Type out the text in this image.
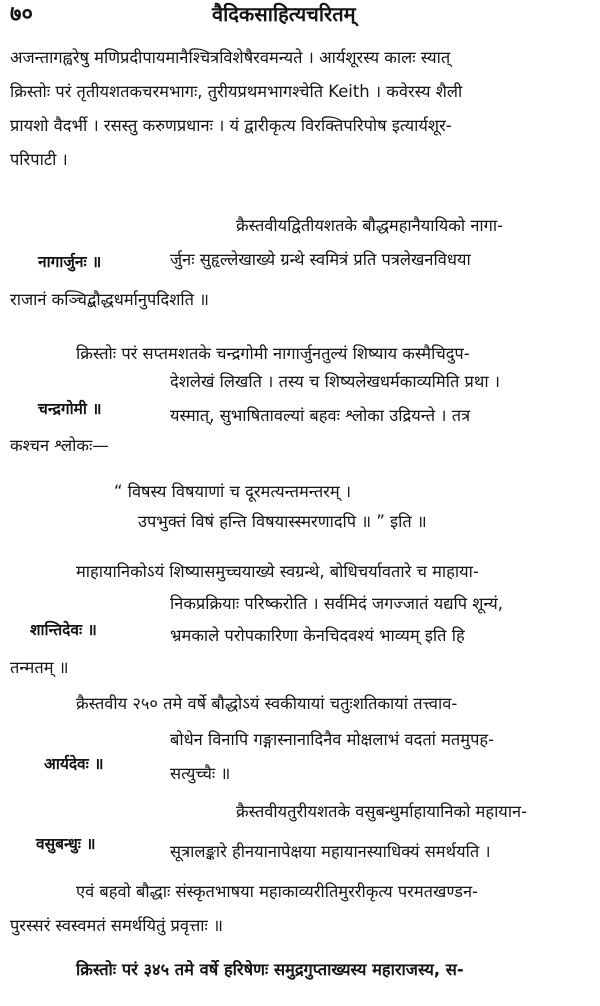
७०	वैदिकसाहित्यचरितम्
अजन्तागह्वरेषु मणिप्रदीपायमानैश्चित्रविशेषैरवमन्यते । आर्यशूरस्य कालः स्यात्
क्रिस्तोः परं तृतीयशतकचरमभागः, तुरीयप्रथमभागश्चेति Keith । कवेरस्य शैली
प्रायशो वैदर्भी । रसस्तु करुणप्रधानः । यं द्वारीकृत्य विरक्तिपरिपोष इत्यार्यशूर-
परिपाटी ।
क्रैस्तवीयद्वितीयशतके बौद्धमहानैयायिको नागा-
नागार्जुनः ॥	र्जुनः सुहृल्लेखाख्ये ग्रन्थे स्वमित्रं प्रति पत्रलेखनविधया
राजानं कञ्चिद्बौद्धधर्मानुपदिशति ॥
क्रिस्तोः परं सप्तमशतके चन्द्रगोमी नागार्जुनतुल्यं शिष्याय कस्मैचिदुप-
देशलेखं लिखति । तस्य च शिष्यलेखधर्मकाव्यमिति प्रथा ।
चन्द्रगोमी ॥	यस्मात्, सुभाषितावल्यां बहवः श्लोका उद्रियन्ते । तत्र
कश्चन श्लोकः—
“ विषस्य विषयाणां च दूरमत्यन्तमन्तरम् ।
उपभुक्तं विषं हन्ति विषयास्स्मरणादपि ॥ ” इति ॥
माहायानिकोऽयं शिष्यासमुच्चयाख्ये स्वग्रन्थे, बोधिचर्यावतारे च माहाया-
निकप्रक्रियाः परिष्करोति । सर्वमिदं जगज्जातं यद्यपि शून्यं,
शान्तिदेवः ॥	भ्रमकाले परोपकारिणा केनचिदवश्यं भाव्यम् इति हि
तन्मतम् ॥
क्रैस्तवीय २५० तमे वर्षे बौद्धोऽयं स्वकीयायां चतुःशतिकायां तत्त्वाव-
बोधेन विनापि गङ्गास्नानादिनैव मोक्षलाभं वदतां मतमुपह-
आर्यदेवः ॥	सत्युच्चैः ॥
क्रैस्तवीयतुरीयशतके वसुबन्धुर्माहायानिको महायान-
वसुबन्धुः ॥	सूत्रालङ्कारे हीनयानापेक्षया महायानस्याधिक्यं समर्थयति ।
एवं बहवो बौद्धाः संस्कृतभाषया महाकाव्यरीतिमुररीकृत्य परमतखण्डन-
पुरस्सरं स्वस्वमतं समर्थयितुं प्रवृत्ताः ॥
क्रिस्तोः परं ३४५ तमे वर्षे हरिषेणः समुद्रगुप्ताख्यस्य महाराजस्य, स-
